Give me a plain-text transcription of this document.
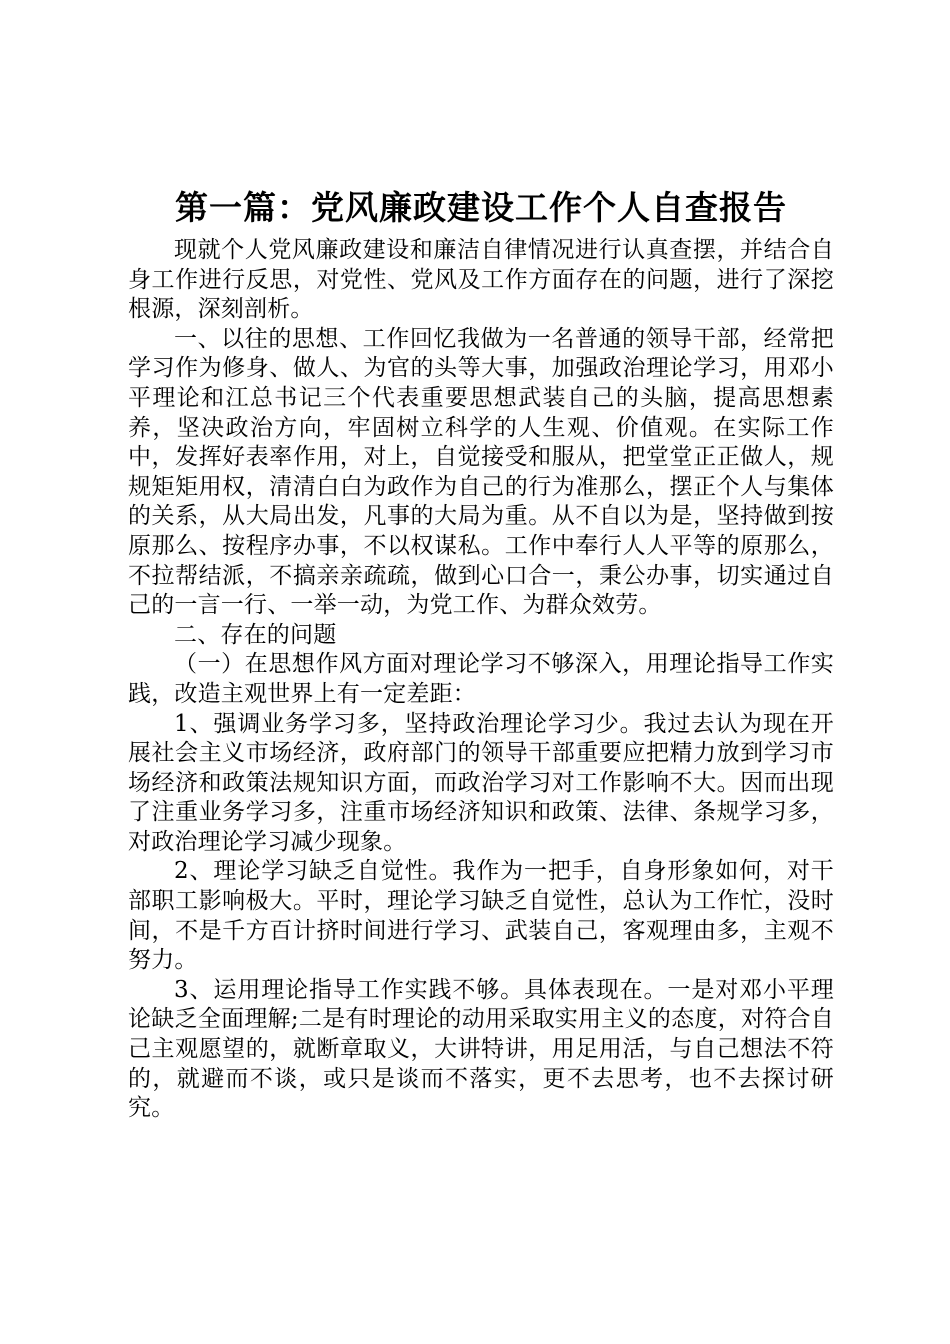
第一篇：党风廉政建设工作个人自查报告

现就个人党风廉政建设和廉洁自律情况进行认真查摆，并结合自身工作进行反思，对党性、党风及工作方面存在的问题，进行了深挖根源，深刻剖析。

一、以往的思想、工作回忆我做为一名普通的领导干部，经常把学习作为修身、做人、为官的头等大事，加强政治理论学习，用邓小平理论和江总书记三个代表重要思想武装自己的头脑，提高思想素养，坚决政治方向，牢固树立科学的人生观、价值观。在实际工作中，发挥好表率作用，对上，自觉接受和服从，把堂堂正正做人，规规矩矩用权，清清白白为政作为自己的行为准那么，摆正个人与集体的关系，从大局出发，凡事的大局为重。从不自以为是，坚持做到按原那么、按程序办事，不以权谋私。工作中奉行人人平等的原那么，不拉帮结派，不搞亲亲疏疏，做到心口合一，秉公办事，切实通过自己的一言一行、一举一动，为党工作、为群众效劳。

二、存在的问题

（一）在思想作风方面对理论学习不够深入，用理论指导工作实践，改造主观世界上有一定差距：

1、强调业务学习多，坚持政治理论学习少。我过去认为现在开展社会主义市场经济，政府部门的领导干部重要应把精力放到学习市场经济和政策法规知识方面，而政治学习对工作影响不大。因而出现了注重业务学习多，注重市场经济知识和政策、法律、条规学习多，对政治理论学习减少现象。

2、理论学习缺乏自觉性。我作为一把手，自身形象如何，对干部职工影响极大。平时，理论学习缺乏自觉性，总认为工作忙，没时间，不是千方百计挤时间进行学习、武装自己，客观理由多，主观不努力。

3、运用理论指导工作实践不够。具体表现在。一是对邓小平理论缺乏全面理解;二是有时理论的动用采取实用主义的态度，对符合自己主观愿望的，就断章取义，大讲特讲，用足用活，与自己想法不符的，就避而不谈，或只是谈而不落实，更不去思考，也不去探讨研究。
